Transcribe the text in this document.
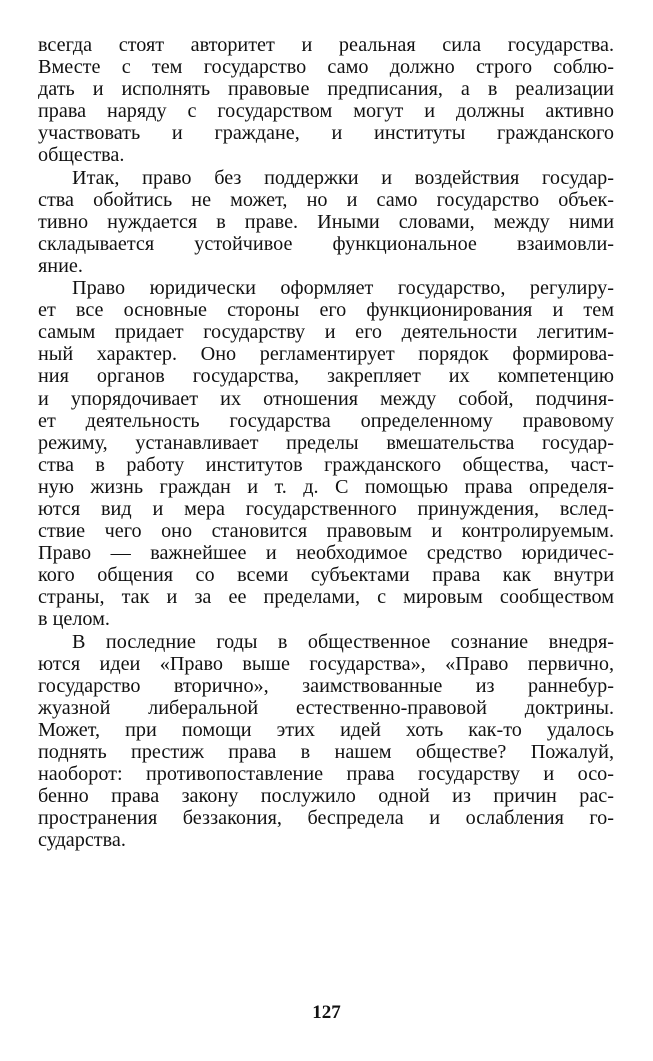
всегда стоят авторитет и реальная сила государства.
Вместе с тем государство само должно строго соблю-
дать и исполнять правовые предписания, а в реализации
права наряду с государством могут и должны активно
участвовать и граждане, и институты гражданского
общества.
Итак, право без поддержки и воздействия государ-
ства обойтись не может, но и само государство объек-
тивно нуждается в праве. Иными словами, между ними
складывается устойчивое функциональное взаимовли-
яние.
Право юридически оформляет государство, регулиру-
ет все основные стороны его функционирования и тем
самым придает государству и его деятельности легитим-
ный характер. Оно регламентирует порядок формирова-
ния органов государства, закрепляет их компетенцию
и упорядочивает их отношения между собой, подчиня-
ет деятельность государства определенному правовому
режиму, устанавливает пределы вмешательства государ-
ства в работу институтов гражданского общества, част-
ную жизнь граждан и т. д. С помощью права определя-
ются вид и мера государственного принуждения, вслед-
ствие чего оно становится правовым и контролируемым.
Право — важнейшее и необходимое средство юридичес-
кого общения со всеми субъектами права как внутри
страны, так и за ее пределами, с мировым сообществом
в целом.
В последние годы в общественное сознание внедря-
ются идеи «Право выше государства», «Право первично,
государство вторично», заимствованные из раннебур-
жуазной либеральной естественно-правовой доктрины.
Может, при помощи этих идей хоть как-то удалось
поднять престиж права в нашем обществе? Пожалуй,
наоборот: противопоставление права государству и осо-
бенно права закону послужило одной из причин рас-
пространения беззакония, беспредела и ослабления го-
сударства.
127
